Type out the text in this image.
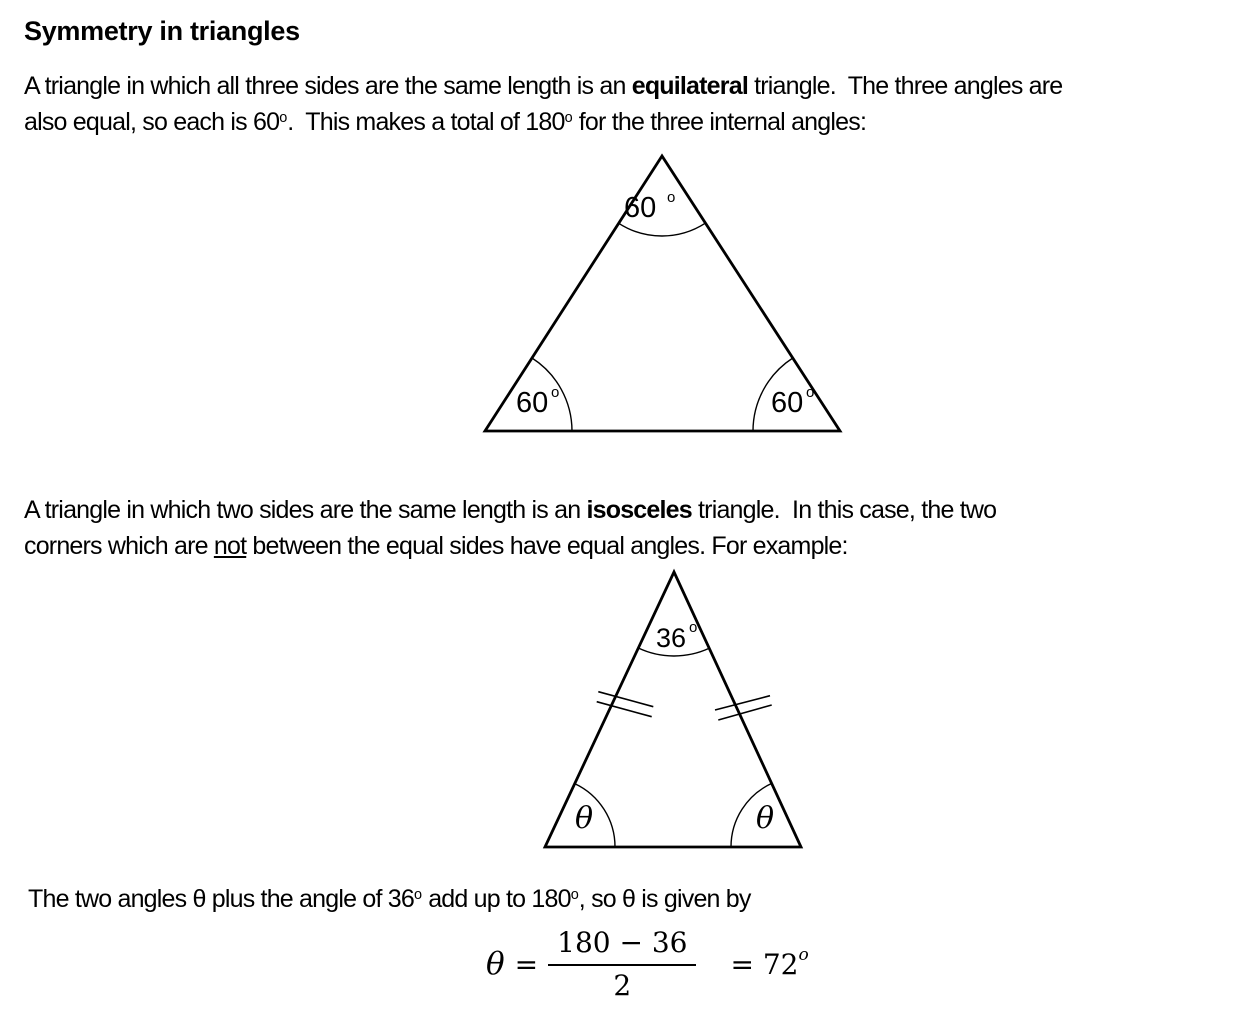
Symmetry in triangles
A triangle in which all three sides are the same length is an equilateral triangle.  The three angles are
also equal, so each is 60$^o$.  This makes a total of 180$^o$ for the three internal angles:
60 o
60 o	60 o
A triangle in which two sides are the same length is an isosceles triangle.  In this case, the two
corners which are not between the equal sides have equal angles. For example:
36 o
θ	θ
The two angles θ plus the angle of 36$^o$ add up to 180$^o$, so θ is given by
$\theta = \frac{180 - 36}{2} = 72$ o
